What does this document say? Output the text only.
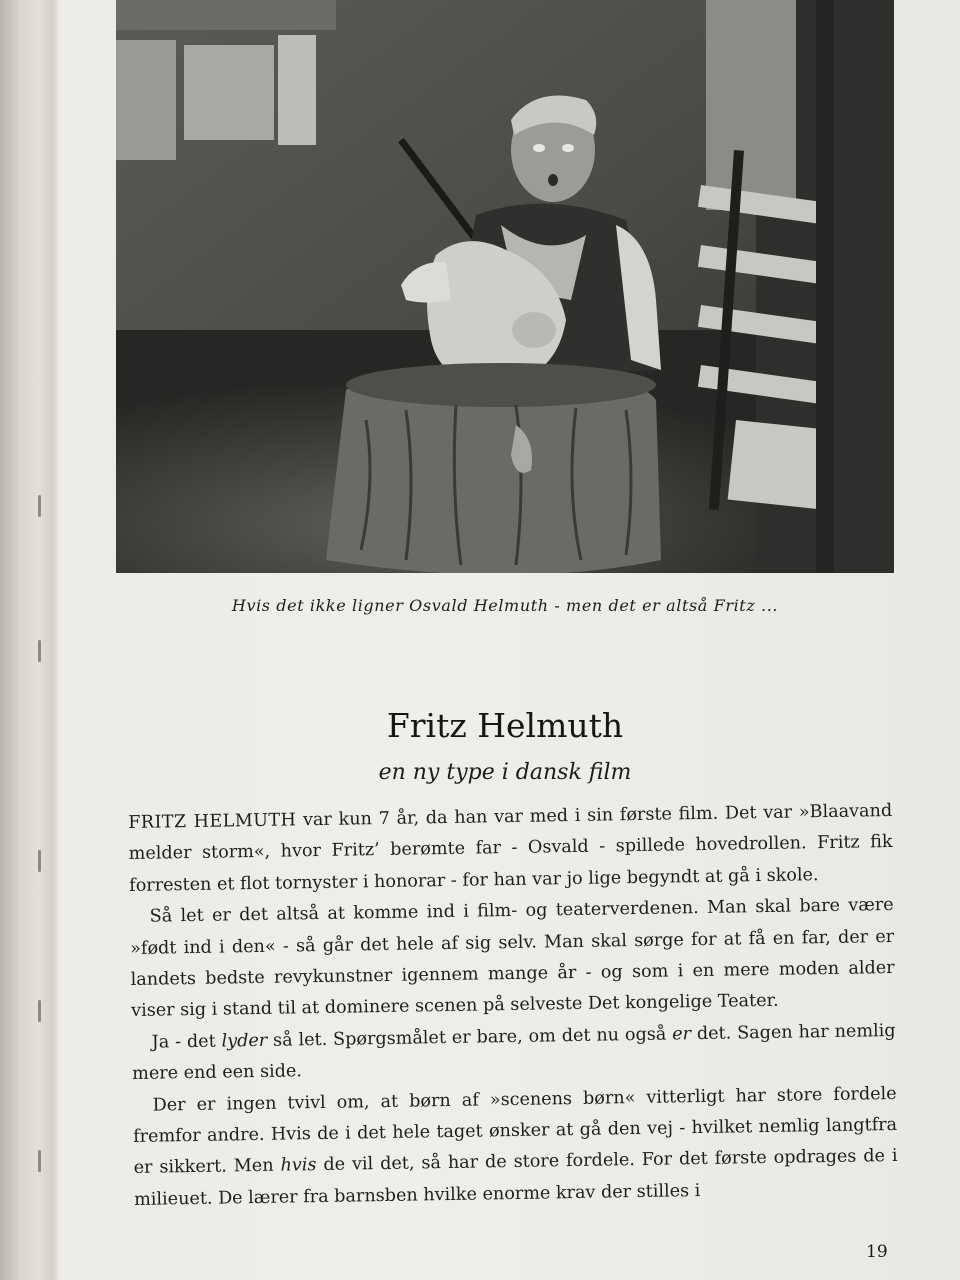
Hvis det ikke ligner Osvald Helmuth - men det er altså Fritz ...
Fritz Helmuth
en ny type i dansk film

FRITZ HELMUTH var kun 7 år, da han var med i sin første film. Det var »Blaavand melder storm«, hvor Fritz’ berømte far - Osvald - spillede hovedrollen. Fritz fik forresten et flot tornyster i honorar - for han var jo lige begyndt at gå i skole.

Så let er det altså at komme ind i film- og teaterverdenen. Man skal bare være »født ind i den« - så går det hele af sig selv. Man skal sørge for at få en far, der er landets bedste revykunstner igennem mange år - og som i en mere moden alder viser sig i stand til at dominere scenen på selveste Det kongelige Teater.

Ja - det lyder så let. Spørgsmålet er bare, om det nu også er det. Sagen har nemlig mere end een side.

Der er ingen tvivl om, at børn af »scenens børn« vitterligt har store fordele fremfor andre. Hvis de i det hele taget ønsker at gå den vej - hvilket nemlig langtfra er sikkert. Men hvis de vil det, så har de store fordele. For det første opdrages de i milieuet. De lærer fra barnsben hvilke enorme krav der stilles i

19
